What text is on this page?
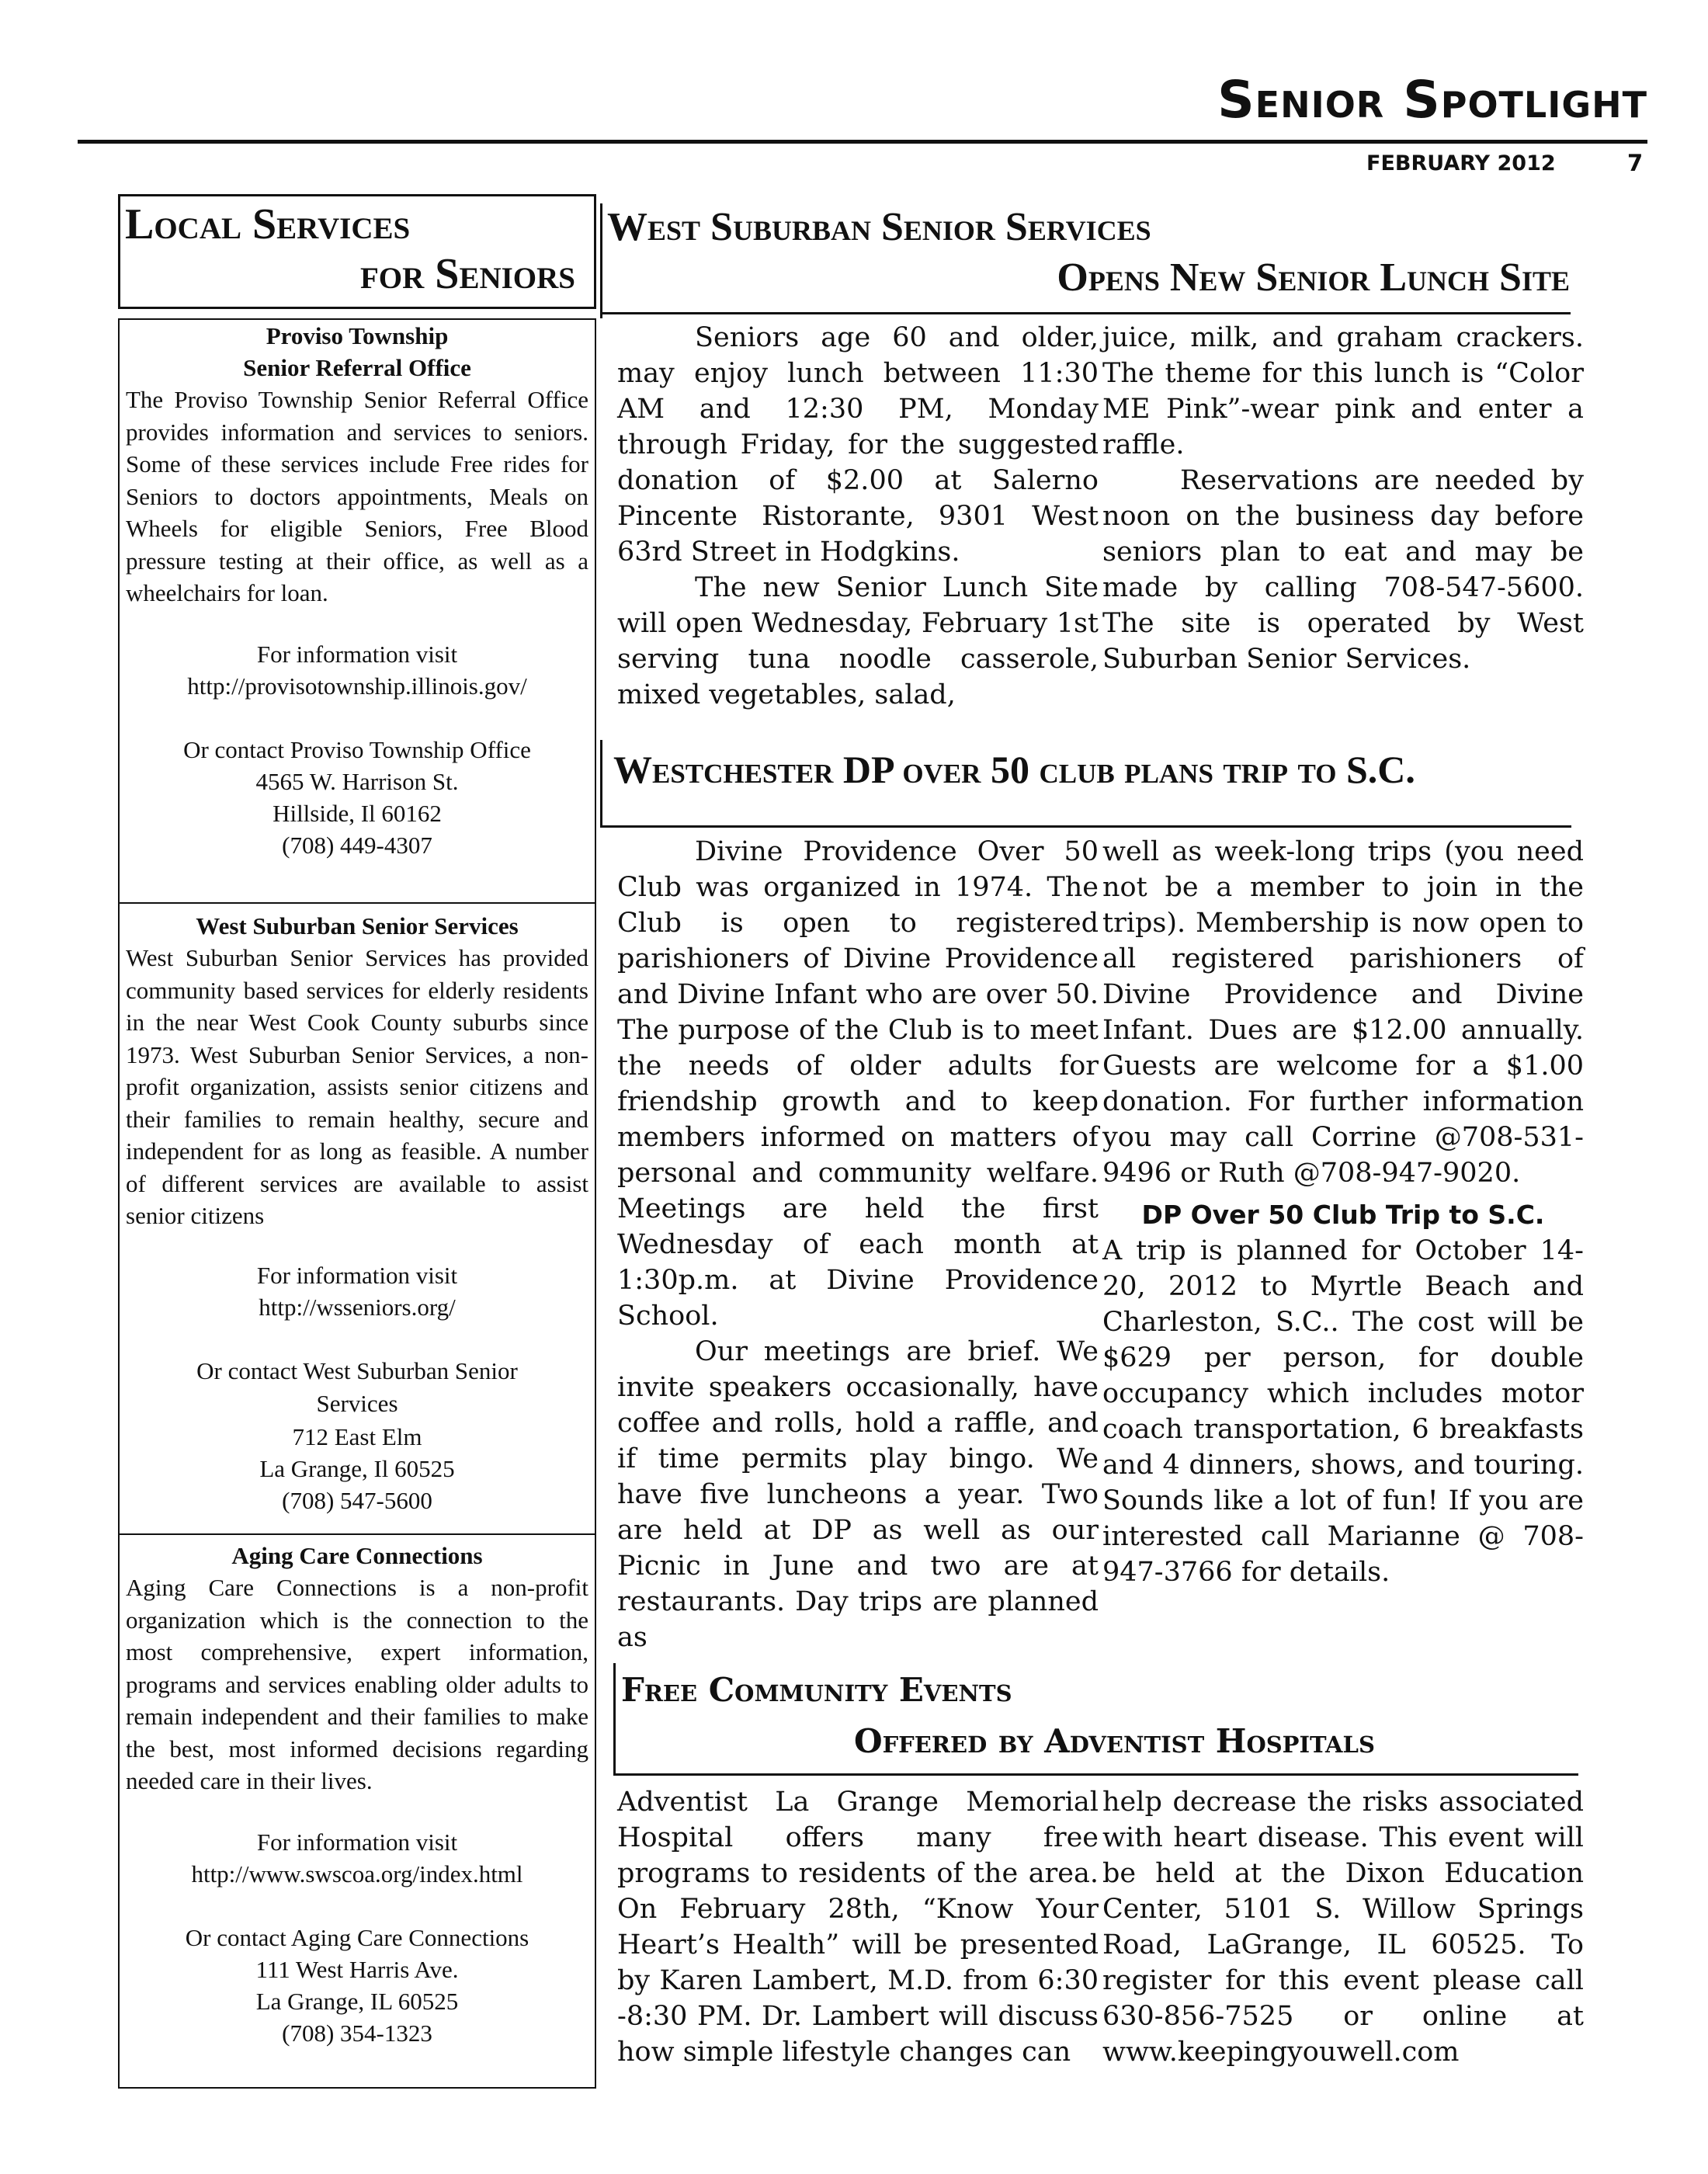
Senior Spotlight
FEBRUARY 2012	7
Local Services
for Seniors
Proviso Township
Senior Referral Office
The Proviso Township Senior Referral Office provides information and services to seniors. Some of these services include Free rides for Seniors to doctors appointments, Meals on Wheels for eligible Seniors, Free Blood pressure testing at their office, as well as a wheelchairs for loan.
For information visit
http://provisotownship.illinois.gov/
Or contact Proviso Township Office
4565 W. Harrison St.
Hillside, Il 60162
(708) 449-4307
West Suburban Senior Services
West Suburban Senior Services has provided community based services for elderly residents in the near West Cook County suburbs since 1973. West Suburban Senior Services, a non-profit organization, assists senior citizens and their families to remain healthy, secure and independent for as long as feasible. A number of different services are available to assist senior citizens
For information visit
http://wsseniors.org/
Or contact West Suburban Senior Services
712 East Elm
La Grange, Il 60525
(708) 547-5600
Aging Care Connections
Aging Care Connections is a non-profit organization which is the connection to the most comprehensive, expert information, programs and services enabling older adults to remain independent and their families to make the best, most informed decisions regarding needed care in their lives.
For information visit
http://www.swscoa.org/index.html
Or contact Aging Care Connections
111 West Harris Ave.
La Grange, IL 60525
(708) 354-1323
West Suburban Senior Services
Opens New Senior Lunch Site
Seniors age 60 and older, may enjoy lunch between 11:30 AM and 12:30 PM, Monday through Friday, for the suggested donation of $2.00 at Salerno Pincente Ristorante, 9301 West 63rd Street in Hodgkins.
The new Senior Lunch Site will open Wednesday, February 1st serving tuna noodle casserole, mixed vegetables, salad,
juice, milk, and graham crackers. The theme for this lunch is “Color ME Pink”-wear pink and enter a raffle.
Reservations are needed by noon on the business day before seniors plan to eat and may be made by calling 708-547-5600. The site is operated by West Suburban Senior Services.
Westchester DP over 50 club plans trip to S.C.
Divine Providence Over 50 Club was organized in 1974. The Club is open to registered parishioners of Divine Providence and Divine Infant who are over 50. The purpose of the Club is to meet the needs of older adults for friendship growth and to keep members informed on matters of personal and community welfare. Meetings are held the first Wednesday of each month at 1:30p.m. at Divine Providence School.
Our meetings are brief. We invite speakers occasionally, have coffee and rolls, hold a raffle, and if time permits play bingo. We have five luncheons a year. Two are held at DP as well as our Picnic in June and two are at restaurants. Day trips are planned as
well as week-long trips (you need not be a member to join in the trips). Membership is now open to all registered parishioners of Divine Providence and Divine Infant. Dues are $12.00 annually. Guests are welcome for a $1.00 donation. For further information you may call Corrine @708-531-9496 or Ruth @708-947-9020.
DP Over 50 Club Trip to S.C.
A trip is planned for October 14-20, 2012 to Myrtle Beach and Charleston, S.C.. The cost will be $629 per person, for double occupancy which includes motor coach transportation, 6 breakfasts and 4 dinners, shows, and touring. Sounds like a lot of fun! If you are interested call Marianne @ 708-947-3766 for details.
Free Community Events
Offered by Adventist Hospitals
Adventist La Grange Memorial Hospital offers many free programs to residents of the area. On February 28th, “Know Your Heart’s Health” will be presented by Karen Lambert, M.D. from 6:30 -8:30 PM. Dr. Lambert will discuss how simple lifestyle changes can
help decrease the risks associated with heart disease. This event will be held at the Dixon Education Center, 5101 S. Willow Springs Road, LaGrange, IL 60525. To register for this event please call 630-856-7525 or online at www.keepingyouwell.com
